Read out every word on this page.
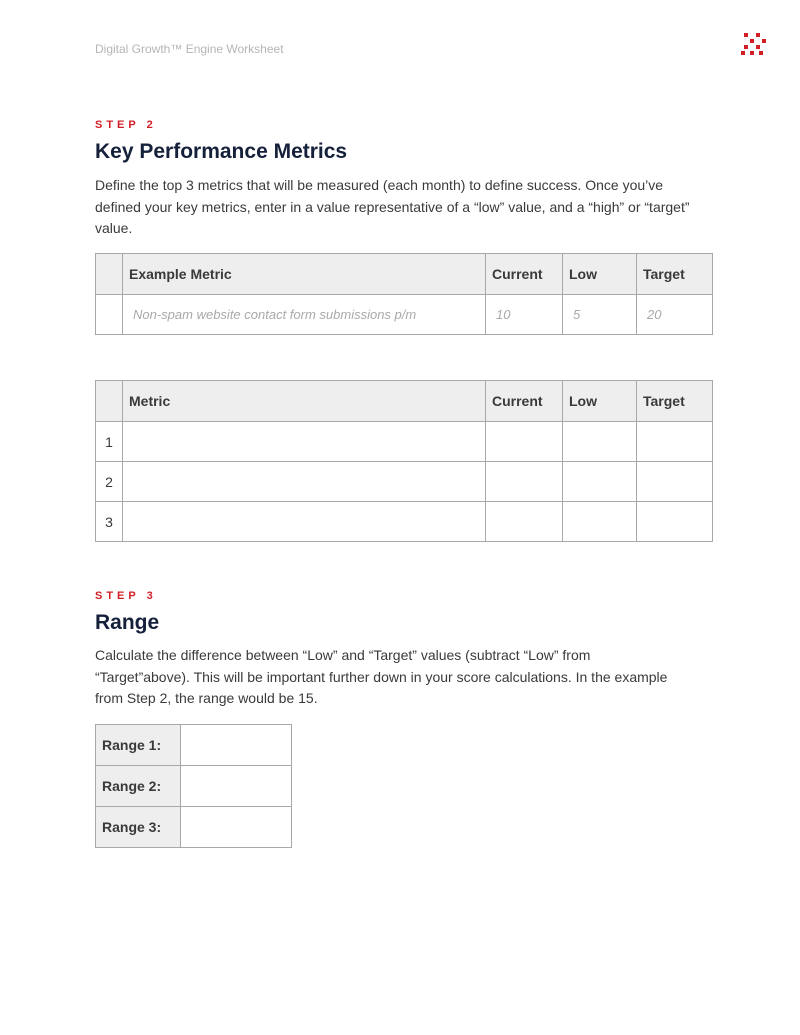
Digital Growth™ Engine Worksheet
STEP 2
Key Performance Metrics
Define the top 3 metrics that will be measured (each month) to define success. Once you’ve defined your key metrics, enter in a value representative of a “low” value, and a “high” or “target” value.
	Example Metric	Current	Low	Target
	Non-spam website contact form submissions p/m	10	5	20
	Metric	Current	Low	Target
1				
2				
3				
STEP 3
Range
Calculate the difference between “Low” and “Target” values (subtract “Low” from “Target”above). This will be important further down in your score calculations. In the example from Step 2, the range would be 15.
Range 1:	
Range 2:	
Range 3:	
